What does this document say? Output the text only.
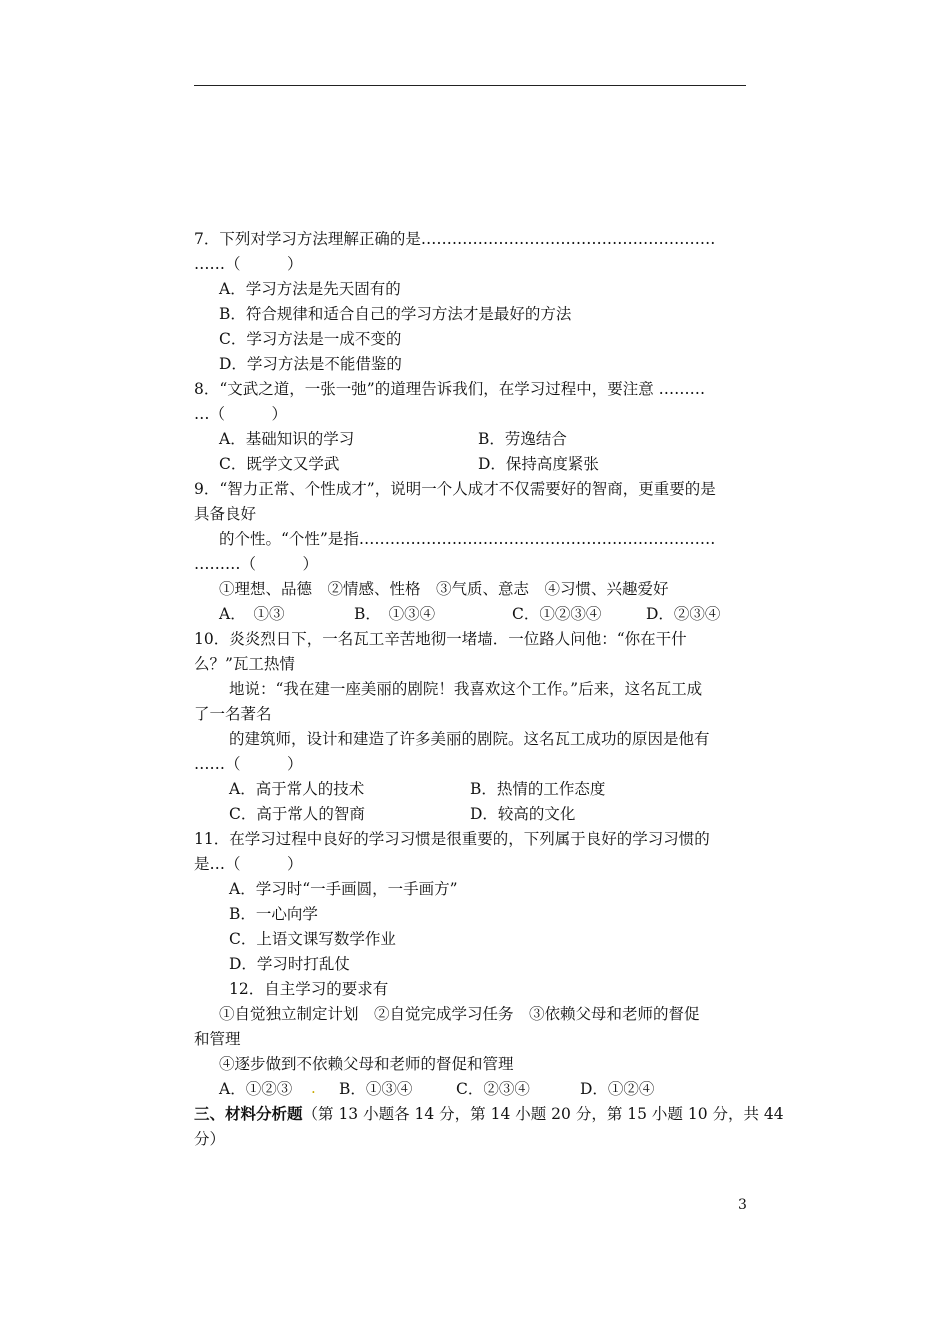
7．下列对学习方法理解正确的是…………………………………………………
……（　　　）
A．学习方法是先天固有的
B．符合规律和适合自己的学习方法才是最好的方法
C．学习方法是一成不变的
D．学习方法是不能借鉴的
8．“文武之道，一张一弛”的道理告诉我们，在学习过程中，要注意 ………
…（　　　）
A．基础知识的学习	B．劳逸结合
C．既学文又学武	D．保持高度紧张
9．“智力正常、个性成才”，说明一个人成才不仅需要好的智商，更重要的是
具备良好
的个性。“个性”是指……………………………………………………………
………（　　　）
①理想、品德　②情感、性格　③气质、意志　④习惯、兴趣爱好
A．　①③	B．　①③④	C．①②③④	D．②③④
10．炎炎烈日下，一名瓦工辛苦地彻一堵墙．一位路人问他：“你在干什
么？”瓦工热情
地说：“我在建一座美丽的剧院！我喜欢这个工作。”后来，这名瓦工成
了一名著名
的建筑师，设计和建造了许多美丽的剧院。这名瓦工成功的原因是他有
……（　　　）
A．高于常人的技术	B．热情的工作态度
C．高于常人的智商	D．较高的文化
11．在学习过程中良好的学习习惯是很重要的，下列属于良好的学习习惯的
是…（　　　）
A．学习时“一手画圆，一手画方”
B．一心向学
C．上语文课写数学作业
D．学习时打乱仗
12．自主学习的要求有
①自觉独立制定计划　②自觉完成学习任务　③依赖父母和老师的督促
和管理
④逐步做到不依赖父母和老师的督促和管理
A．①②③ . B．①③④	C．②③④	D．①②④
三、材料分析题（第 13 小题各 14 分，第 14 小题 20 分，第 15 小题 10 分，共 44
分）
3
